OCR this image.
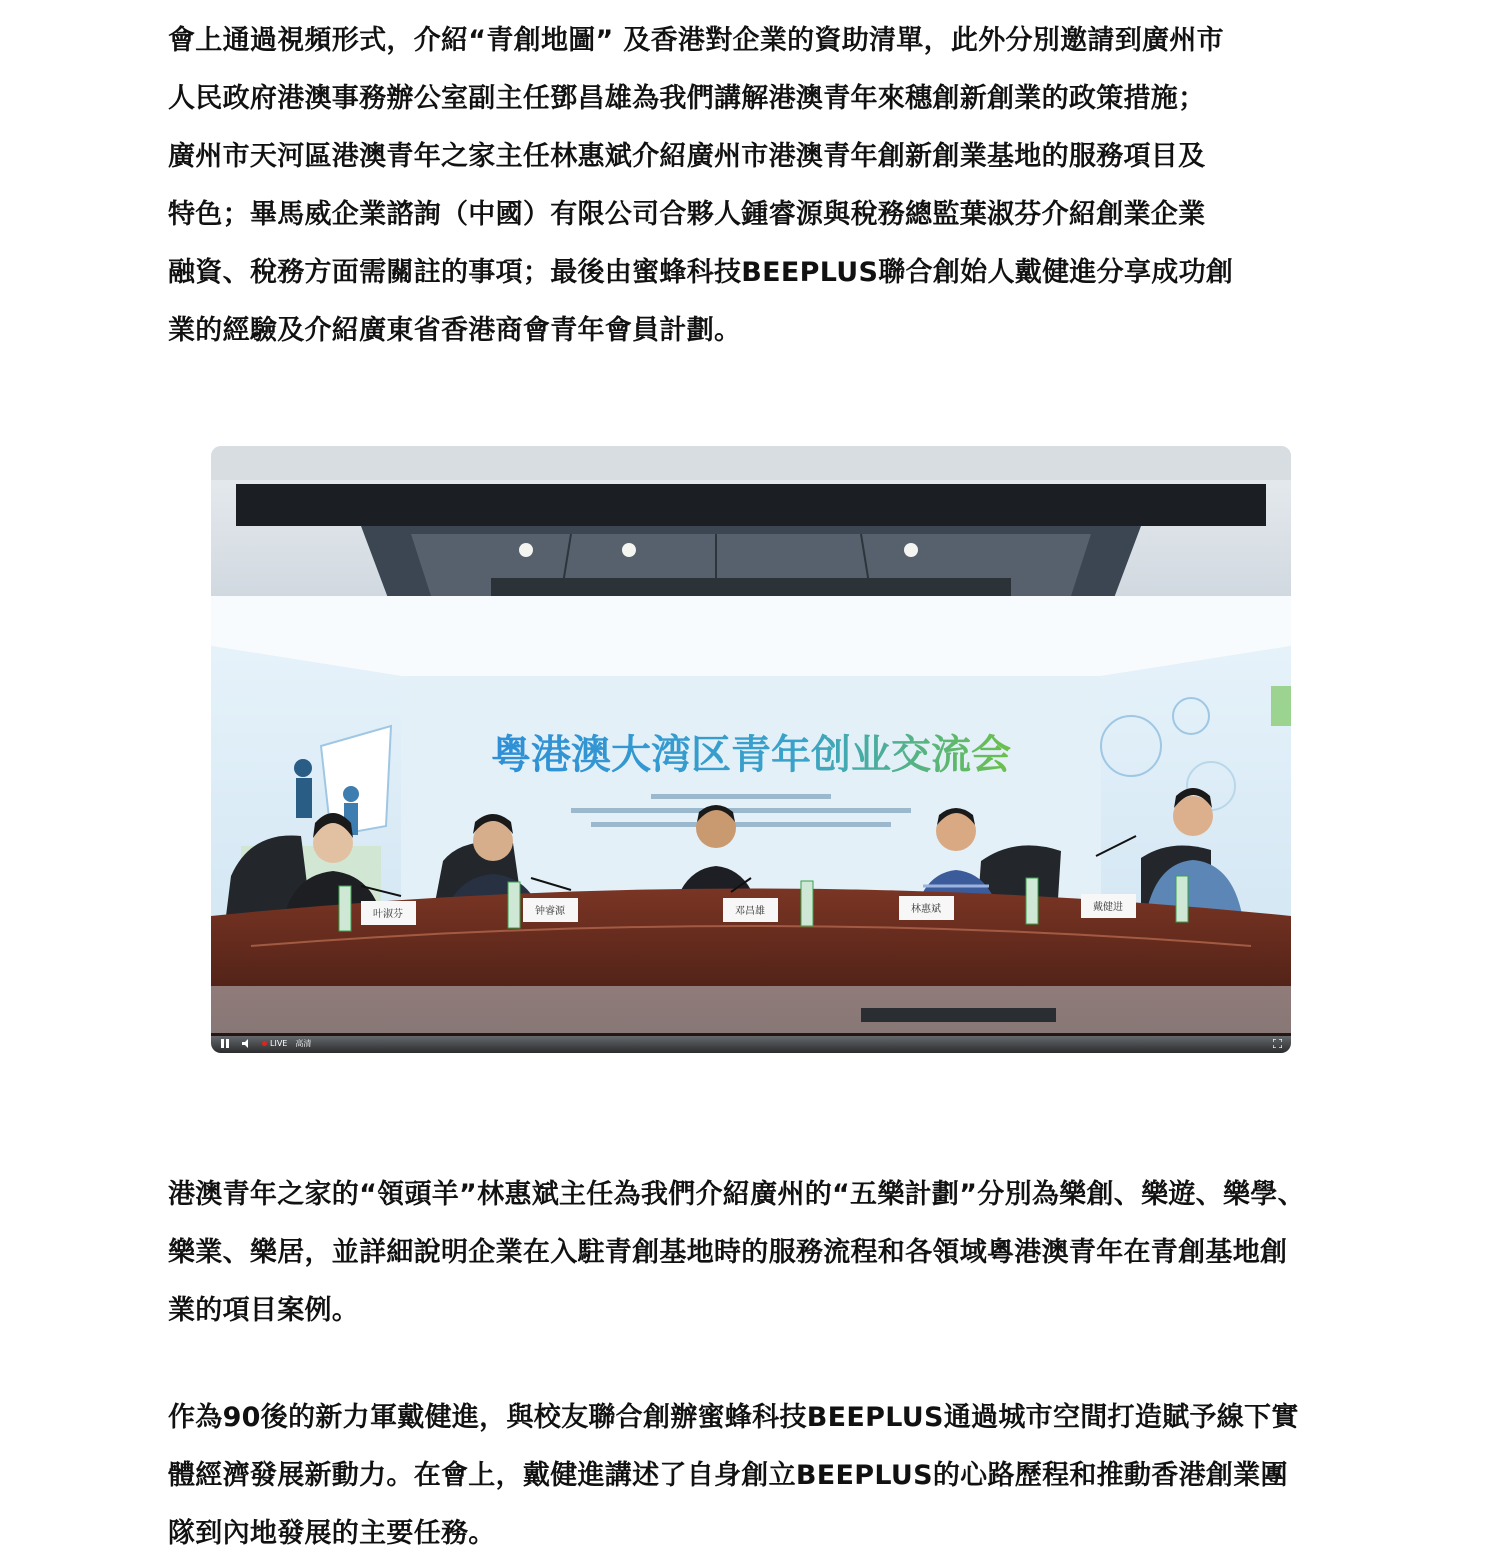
會上通過視頻形式，介紹“青創地圖” 及香港對企業的資助清單，此外分別邀請到廣州市
人民政府港澳事務辦公室副主任鄧昌雄為我們講解港澳青年來穗創新創業的政策措施；
廣州市天河區港澳青年之家主任林惠斌介紹廣州市港澳青年創新創業基地的服務項目及
特色；畢馬威企業諮詢（中國）有限公司合夥人鍾睿源與稅務總監葉淑芬介紹創業企業
融資、稅務方面需關註的事項；最後由蜜蜂科技BEEPLUS聯合創始人戴健進分享成功創
業的經驗及介紹廣東省香港商會青年會員計劃。
叶淑芬	钟睿源	邓昌雄	林惠斌	戴健进
粤港澳大湾区青年创业交流会
LIVE 高清
港澳青年之家的“領頭羊”林惠斌主任為我們介紹廣州的“五樂計劃”分別為樂創、樂遊、樂學、
樂業、樂居，並詳細說明企業在入駐青創基地時的服務流程和各領域粵港澳青年在青創基地創
業的項目案例。
作為90後的新力軍戴健進，與校友聯合創辦蜜蜂科技BEEPLUS通過城市空間打造賦予線下實
體經濟發展新動力。在會上，戴健進講述了自身創立BEEPLUS的心路歷程和推動香港創業團
隊到內地發展的主要任務。
